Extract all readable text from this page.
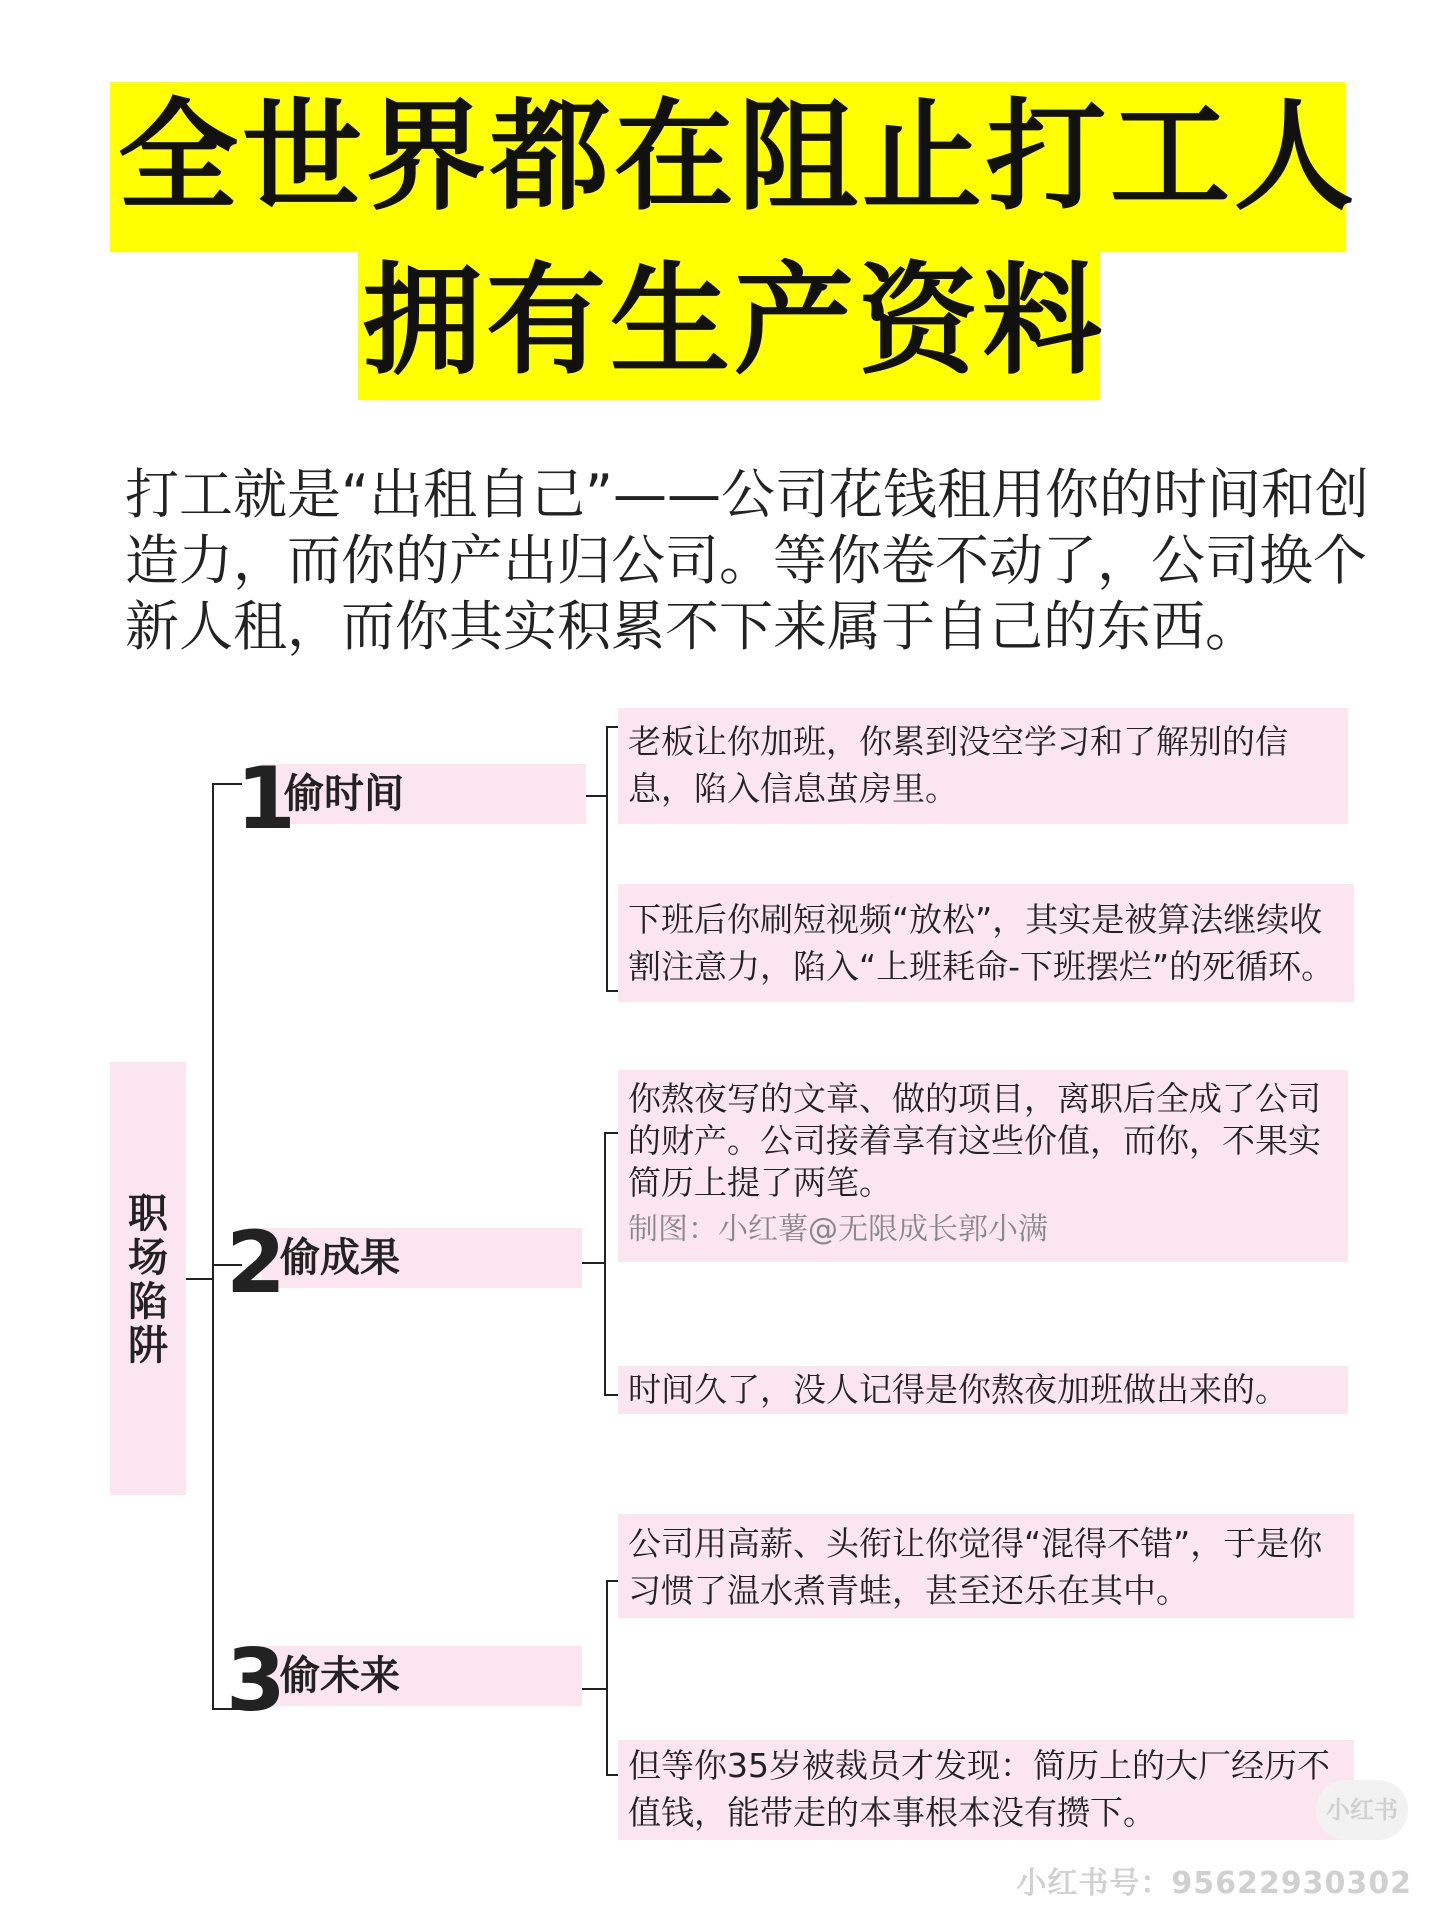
全世界都在阻止打工人
拥有生产资料
打工就是“出租自己”——公司花钱租用你的时间和创造力，而你的产出归公司。等你卷不动了，公司换个新人租，而你其实积累不下来属于自己的东西。
职
场
陷
阱
1
偷时间
老板让你加班，你累到没空学习和了解别的信息，陷入信息茧房里。
下班后你刷短视频“放松”，其实是被算法继续收割注意力，陷入“上班耗命-下班摆烂”的死循环。
2
偷成果
你熬夜写的文章、做的项目，离职后全成了公司的财产。公司接着享有这些价值，而你，不果实简历上提了两笔。
制图：小红薯@无限成长郭小满
时间久了，没人记得是你熬夜加班做出来的。
3
偷未来
公司用高薪、头衔让你觉得“混得不错”，于是你习惯了温水煮青蛙，甚至还乐在其中。
但等你35岁被裁员才发现：简历上的大厂经历不值钱，能带走的本事根本没有攒下。	小红书
小红书号：95622930302
